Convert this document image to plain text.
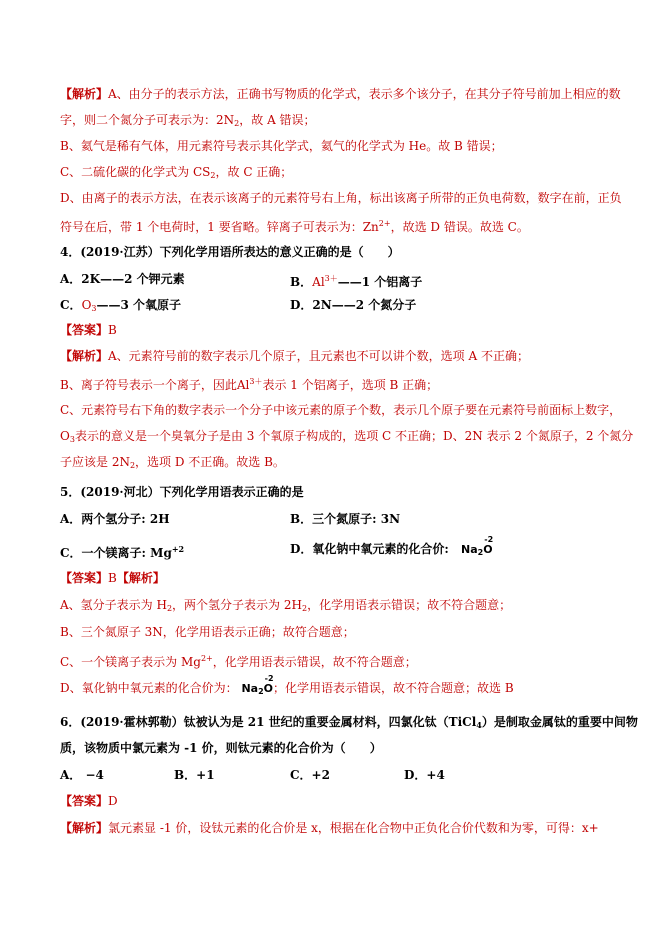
【解析】A、由分子的表示方法，正确书写物质的化学式，表示多个该分子，在其分子符号前加上相应的数
字，则二个氮分子可表示为：$2N_2$，故 A 错误；
B、氦气是稀有气体，用元素符号表示其化学式，氦气的化学式为 He。故 B 错误；
C、二硫化碳的化学式为 $CS_2$，故 C 正确；
D、由离子的表示方法，在表示该离子的元素符号右上角，标出该离子所带的正负电荷数，数字在前，正负
符号在后，带 1 个电荷时，1 要省略。锌离子可表示为：$Zn^{2+}$，故选 D 错误。故选 C。
4．(2019·江苏）下列化学用语所表达的意义正确的是（　　）
A．2K——2 个钾元素	B．$Al^{3+}——1$ 个铝离子
C．$O_3——3$ 个氧原子	D．2N——2 个氮分子
【答案】B
【解析】A、元素符号前的数字表示几个原子，且元素也不可以讲个数，选项 A 不正确；
B、离子符号表示一个离子，因此$Al^{3+}$表示 1 个铝离子，选项 B 正确；
C、元素符号右下角的数字表示一个分子中该元素的原子个数，表示几个原子要在元素符号前面标上数字，
$O_3$表示的意义是一个臭氧分子是由 3 个氧原子构成的，选项 C 不正确；D、2N 表示 2 个氮原子，2 个氮分
子应该是 $2N_2$，选项 D 不正确。故选 B。
5．(2019·河北）下列化学用语表示正确的是
A．两个氢分子: 2H	B．三个氮原子: 3N
C．一个镁离子: $Mg^{+2}$	D．氧化钠中氧元素的化合价: $Na_2$
-2
O
【答案】B【解析】
A、氢分子表示为 $H_2$，两个氢分子表示为 $2H_2$，化学用语表示错误；故不符合题意；
B、三个氮原子 3N，化学用语表示正确；故符合题意；
C、一个镁离子表示为 $Mg^{2+}$，化学用语表示错误，故不符合题意；
D、氧化钠中氧元素的化合价为： $Na_2$
-2
O；化学用语表示错误，故不符合题意；故选 B
6．(2019·霍林郭勒）钛被认为是 21 世纪的重要金属材料，四氯化钛（TiCl$_4$）是制取金属钛的重要中间物
质，该物质中氯元素为 -1 价，则钛元素的化合价为（　　）
A． −4	B．+1	C．+2	D．+4
【答案】D
【解析】氯元素显 -1 价，设钛元素的化合价是 x，根据在化合物中正负化合价代数和为零，可得：x+
